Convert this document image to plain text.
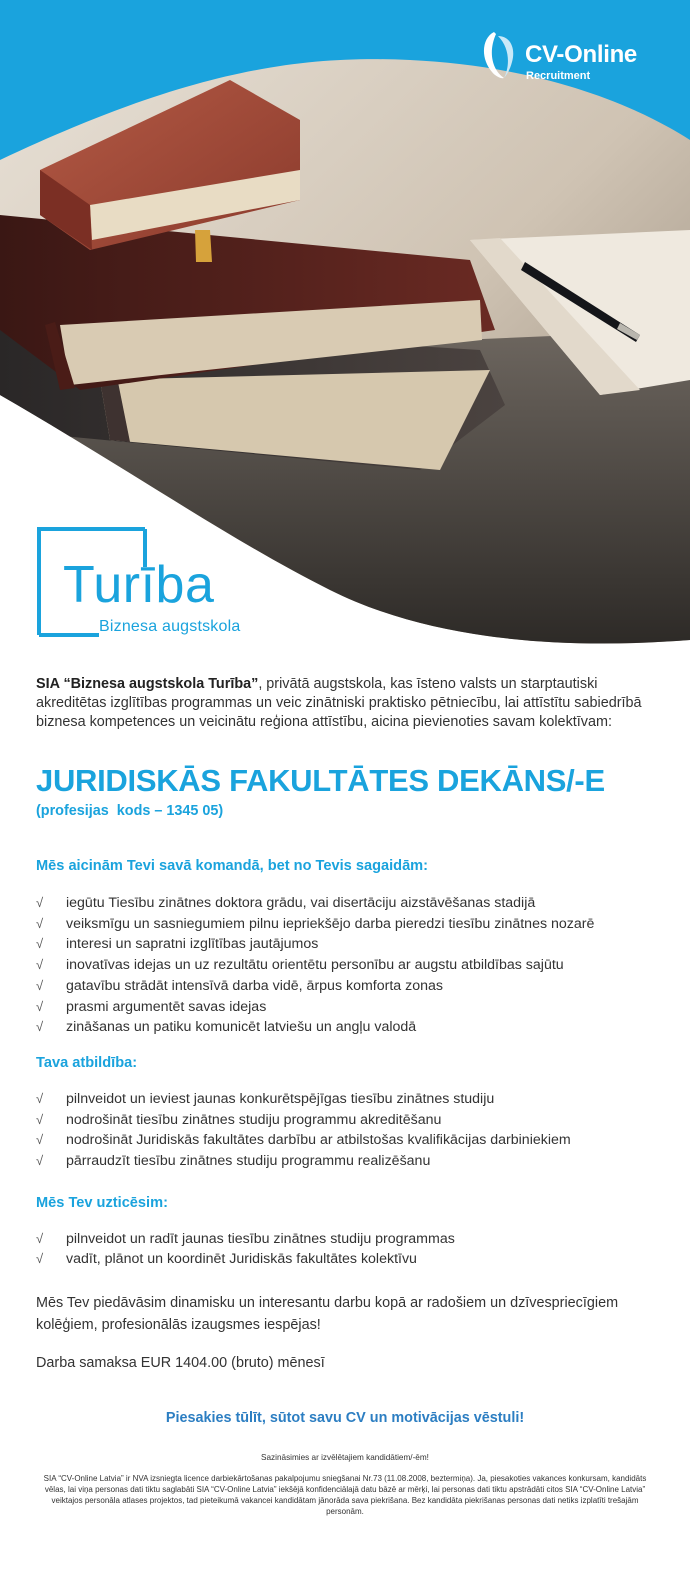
CV-Online
Recruitment
Turība
Biznesa augstskola

SIA “Biznesa augstskola Turība”, privātā augstskola, kas īsteno valsts un starptautiski akreditētas izglītības programmas un veic zinātniski praktisko pētniecību, lai attīstītu sabiedrībā biznesa kompetences un veicinātu reģiona attīstību, aicina pievienoties savam kolektīvam:

JURIDISKĀS FAKULTĀTES DEKĀNS/-E
(profesijas  kods – 1345 05)
Mēs aicinām Tevi savā komandā, bet no Tevis sagaidām:
√ iegūtu Tiesību zinātnes doktora grādu, vai disertāciju aizstāvēšanas stadijā
√ veiksmīgu un sasniegumiem pilnu iepriekšējo darba pieredzi tiesību zinātnes nozarē
√ interesi un sapratni izglītības jautājumos
√ inovatīvas idejas un uz rezultātu orientētu personību ar augstu atbildības sajūtu
√ gatavību strādāt intensīvā darba vidē, ārpus komforta zonas
√ prasmi argumentēt savas idejas
√ zināšanas un patiku komunicēt latviešu un angļu valodā
Tava atbildība:
√ pilnveidot un ieviest jaunas konkurētspējīgas tiesību zinātnes studiju
√ nodrošināt tiesību zinātnes studiju programmu akreditēšanu
√ nodrošināt Juridiskās fakultātes darbību ar atbilstošas kvalifikācijas darbiniekiem
√ pārraudzīt tiesību zinātnes studiju programmu realizēšanu
Mēs Tev uzticēsim:
√ pilnveidot un radīt jaunas tiesību zinātnes studiju programmas
√ vadīt, plānot un koordinēt Juridiskās fakultātes kolektīvu

Mēs Tev piedāvāsim dinamisku un interesantu darbu kopā ar radošiem un dzīvespriecīgiem kolēģiem, profesionālās izaugsmes iespējas!

Darba samaksa EUR 1404.00 (bruto) mēnesī

Piesakies tūlīt, sūtot savu CV un motivācijas vēstuli!
Sazināsimies ar izvēlētajiem kandidātiem/-ēm!
SIA “CV-Online Latvia” ir NVA izsniegta licence darbiekārtošanas pakalpojumu sniegšanai Nr.73 (11.08.2008, beztermiņa). Ja, piesakoties vakances konkursam, kandidāts vēlas, lai viņa personas dati tiktu saglabāti SIA “CV-Online Latvia” iekšējā konfidenciālajā datu bāzē ar mērķi, lai personas dati tiktu apstrādāti citos SIA “CV-Online Latvia” veiktajos personāla atlases projektos, tad pieteikumā vakancei kandidātam jānorāda sava piekrišana. Bez kandidāta piekrišanas personas dati netiks izplatīti trešajām personām.
